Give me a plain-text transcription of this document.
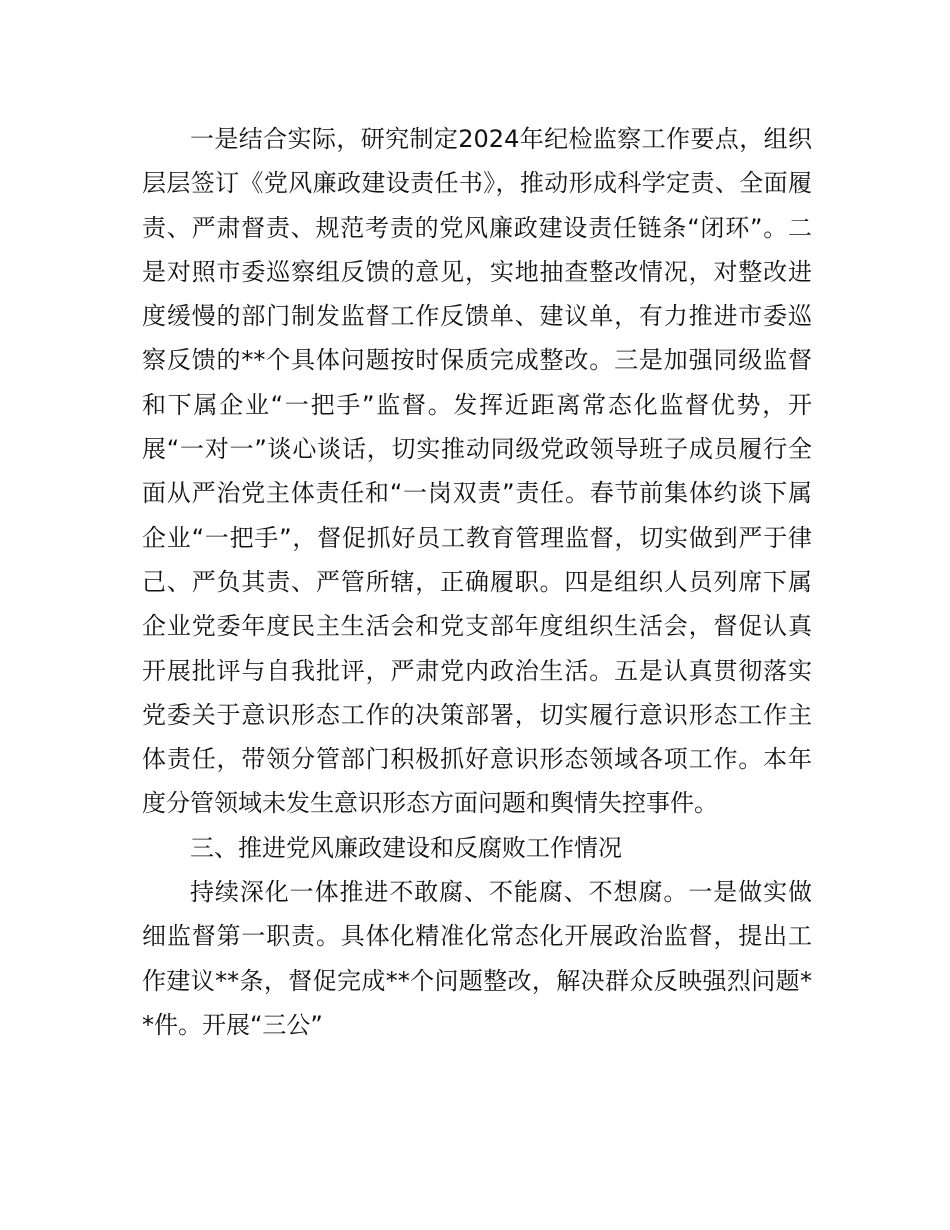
一是结合实际，研究制定2024年纪检监察工作要点，组织层层签订《党风廉政建设责任书》，推动形成科学定责、全面履责、严肃督责、规范考责的党风廉政建设责任链条“闭环”。二是对照市委巡察组反馈的意见，实地抽查整改情况，对整改进度缓慢的部门制发监督工作反馈单、建议单，有力推进市委巡察反馈的**个具体问题按时保质完成整改。三是加强同级监督和下属企业“一把手”监督。发挥近距离常态化监督优势，开展“一对一”谈心谈话，切实推动同级党政领导班子成员履行全面从严治党主体责任和“一岗双责”责任。春节前集体约谈下属企业“一把手”，督促抓好员工教育管理监督，切实做到严于律己、严负其责、严管所辖，正确履职。四是组织人员列席下属企业党委年度民主生活会和党支部年度组织生活会，督促认真开展批评与自我批评，严肃党内政治生活。五是认真贯彻落实党委关于意识形态工作的决策部署，切实履行意识形态工作主体责任，带领分管部门积极抓好意识形态领域各项工作。本年度分管领域未发生意识形态方面问题和舆情失控事件。

三、推进党风廉政建设和反腐败工作情况

持续深化一体推进不敢腐、不能腐、不想腐。一是做实做细监督第一职责。具体化精准化常态化开展政治监督，提出工作建议**条，督促完成**个问题整改，解决群众反映强烈问题**件。开展“三公”
